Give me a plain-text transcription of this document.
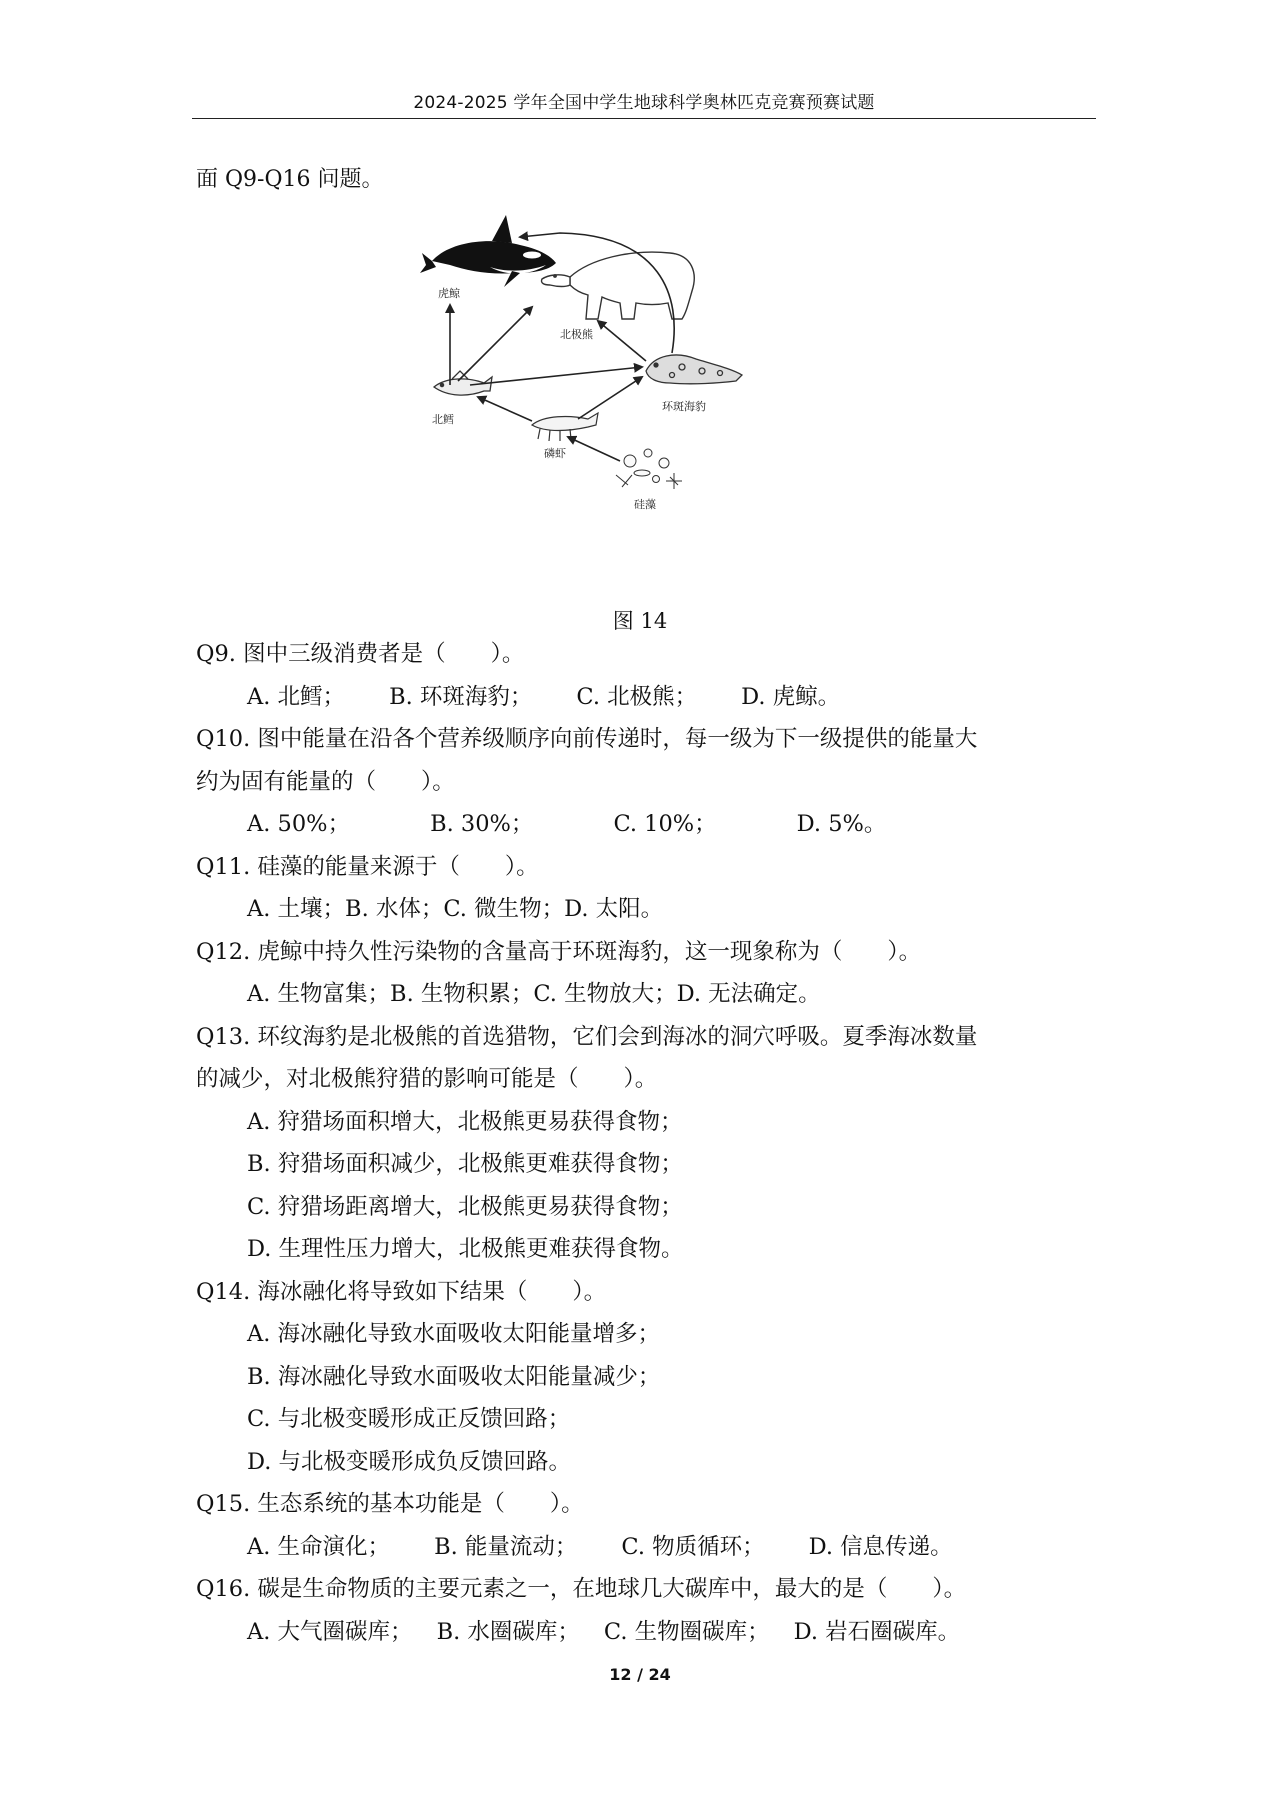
2024-2025 学年全国中学生地球科学奥林匹克竞赛预赛试题
面 Q9-Q16 问题。
虎鲸
北极熊
环斑海豹
北鳕
磷虾
硅藻
图 14
Q9. 图中三级消费者是（　　）。
A. 北鳕； B. 环斑海豹； C. 北极熊； D. 虎鲸。
Q10. 图中能量在沿各个营养级顺序向前传递时，每一级为下一级提供的能量大
约为固有能量的（　　）。
A. 50%；	B. 30%；	C. 10%；	D. 5%。
Q11. 硅藻的能量来源于（　　）。
A. 土壤；B. 水体；C. 微生物；D. 太阳。
Q12. 虎鲸中持久性污染物的含量高于环斑海豹，这一现象称为（　　）。
A. 生物富集；B. 生物积累；C. 生物放大；D. 无法确定。
Q13. 环纹海豹是北极熊的首选猎物，它们会到海冰的洞穴呼吸。夏季海冰数量
的减少，对北极熊狩猎的影响可能是（　　）。
A. 狩猎场面积增大，北极熊更易获得食物；
B. 狩猎场面积减少，北极熊更难获得食物；
C. 狩猎场距离增大，北极熊更易获得食物；
D. 生理性压力增大，北极熊更难获得食物。
Q14. 海冰融化将导致如下结果（　　）。
A. 海冰融化导致水面吸收太阳能量增多；
B. 海冰融化导致水面吸收太阳能量减少；
C. 与北极变暖形成正反馈回路；
D. 与北极变暖形成负反馈回路。
Q15. 生态系统的基本功能是（　　）。
A. 生命演化； B. 能量流动； C. 物质循环； D. 信息传递。
Q16. 碳是生命物质的主要元素之一，在地球几大碳库中，最大的是（　　）。
A. 大气圈碳库； B. 水圈碳库； C. 生物圈碳库； D. 岩石圈碳库。
12 / 24
